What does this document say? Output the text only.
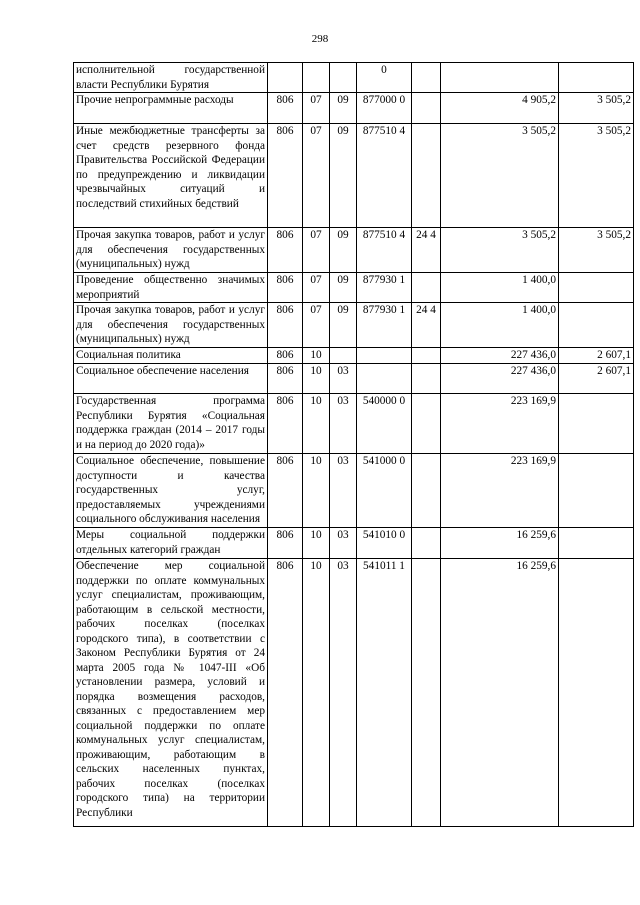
298
исполнительной государственной власти Республики Бурятия				0			
Прочие непрограммные расходы	806	07	09	877000 0		4 905,2	3 505,2
Иные межбюджетные трансферты за счет средств резервного фонда Правительства Российской Федерации по предупреждению и ликвидации чрезвычайных ситуаций и последствий стихийных бедствий	806	07	09	877510 4		3 505,2	3 505,2
Прочая закупка товаров, работ и услуг для обеспечения государственных (муниципальных) нужд	806	07	09	877510 4	24 4	3 505,2	3 505,2
Проведение общественно значимых мероприятий	806	07	09	877930 1		1 400,0	
Прочая закупка товаров, работ и услуг для обеспечения государственных (муниципальных) нужд	806	07	09	877930 1	24 4	1 400,0	
Социальная политика	806	10				227 436,0	2 607,1
Социальное обеспечение населения	806	10	03			227 436,0	2 607,1
Государственная программа Республики Бурятия «Социальная поддержка граждан (2014 – 2017 годы и на период до 2020 года)»	806	10	03	540000 0		223 169,9	
Социальное обеспечение, повышение доступности и качества государственных услуг, предоставляемых учреждениями социального обслуживания населения	806	10	03	541000 0		223 169,9	
Меры социальной поддержки отдельных категорий граждан	806	10	03	541010 0		16 259,6	
Обеспечение мер социальной поддержки по оплате коммунальных услуг специалистам, проживающим, работающим в сельской местности, рабочих поселках (поселках городского типа), в соответствии с Законом Республики Бурятия от 24 марта 2005 года № 1047-III «Об установлении размера, условий и порядка возмещения расходов, связанных с предоставлением мер социальной поддержки по оплате коммунальных услуг специалистам, проживающим, работающим в сельских населенных пунктах, рабочих поселках (поселках городского типа) на территории Республики	806	10	03	541011 1		16 259,6	
